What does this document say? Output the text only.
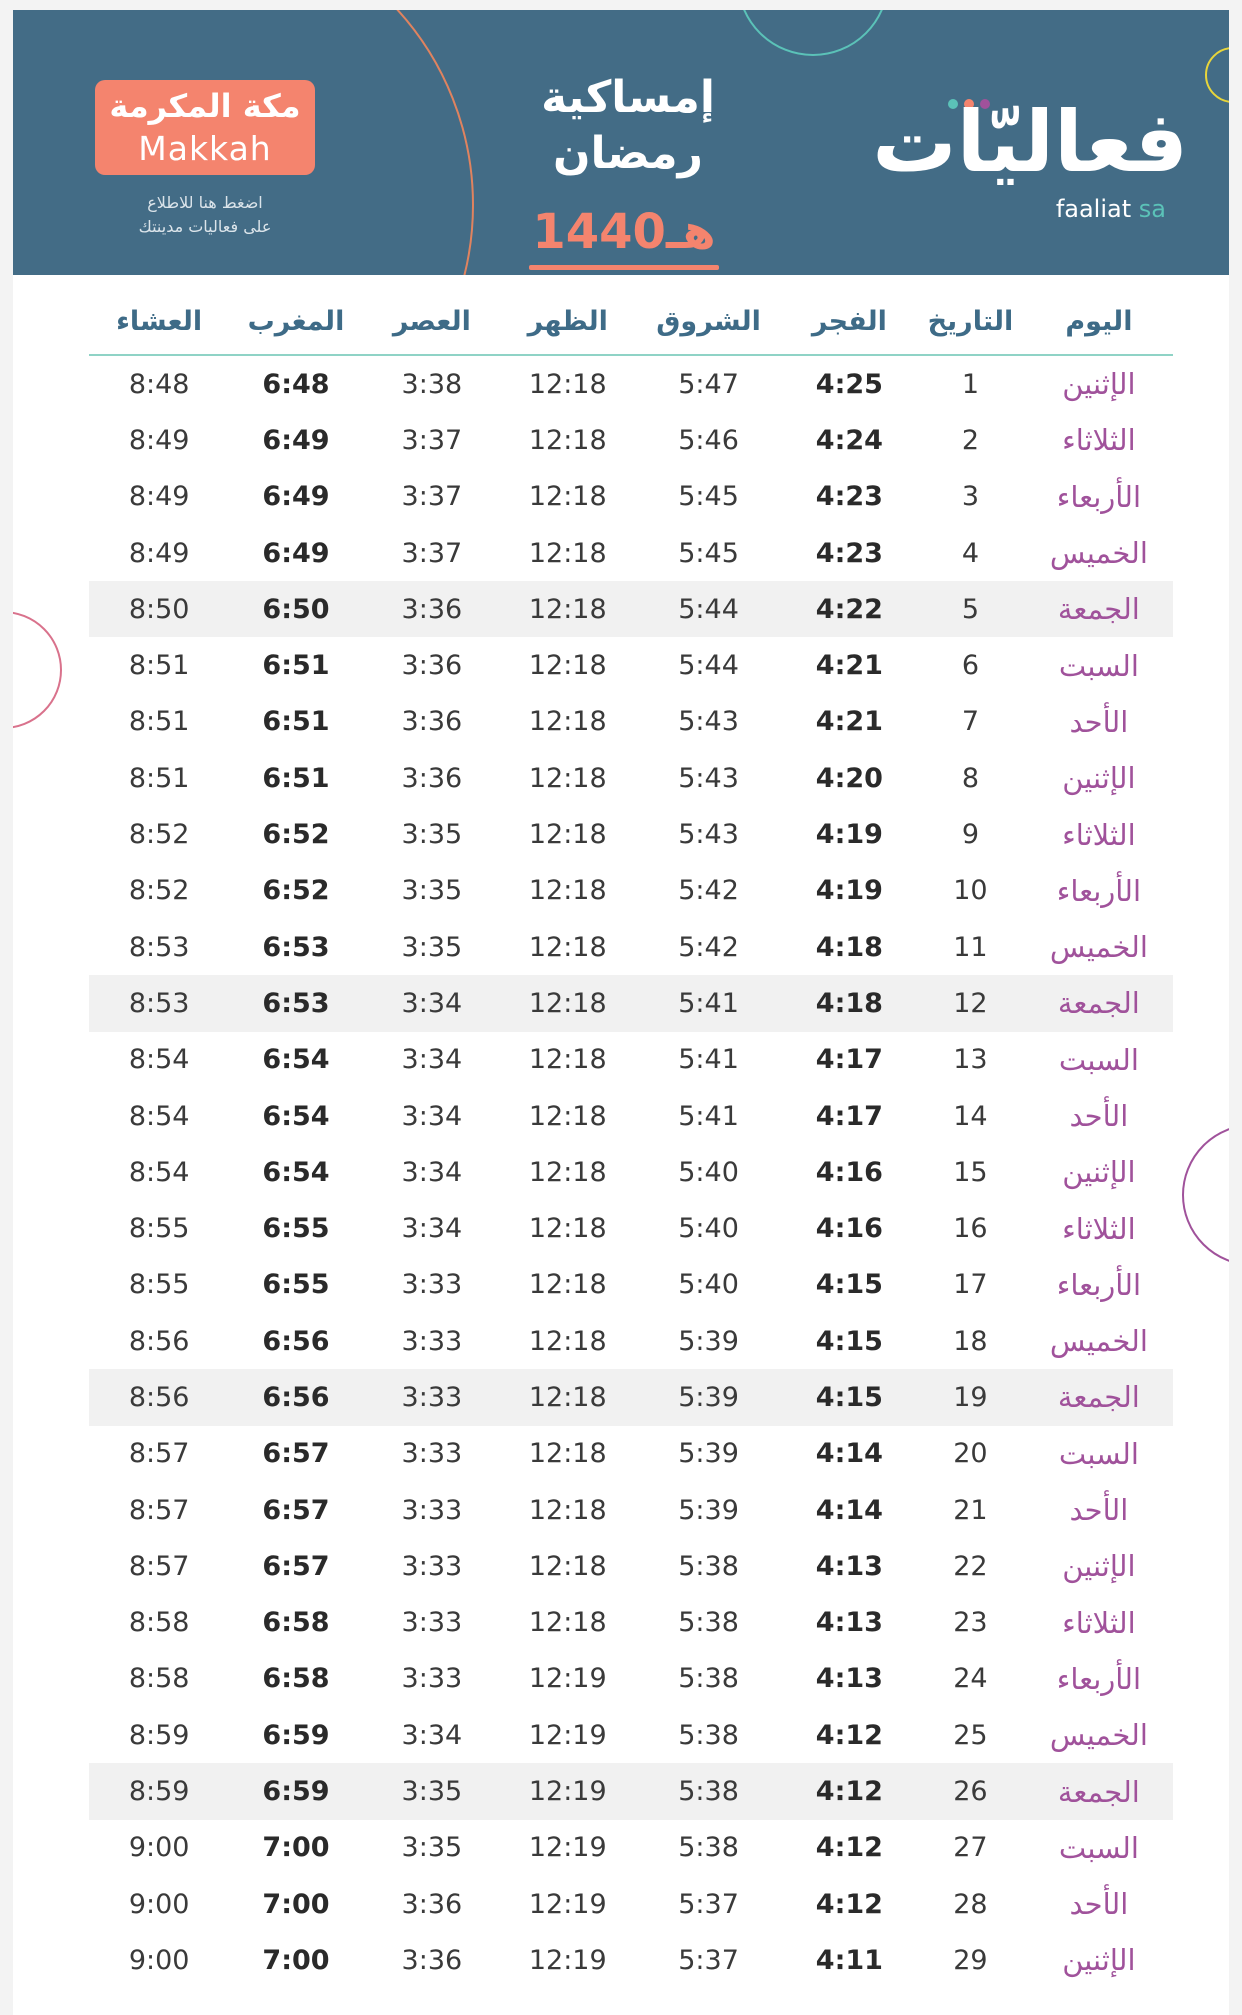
مكة المكرمة
Makkah
اضغط هنا للاطلاع
على فعاليات مدينتك
إمساكية
رمضان
1440هـ
فعاليّات
faaliat sa
اليوم
التاريخ
الفجر
الشروق
الظهر
العصر
المغرب
العشاء
الإثنين
1
4:25
5:47
12:18
3:38
6:48
8:48
الثلاثاء
2
4:24
5:46
12:18
3:37
6:49
8:49
الأربعاء
3
4:23
5:45
12:18
3:37
6:49
8:49
الخميس
4
4:23
5:45
12:18
3:37
6:49
8:49
الجمعة
5
4:22
5:44
12:18
3:36
6:50
8:50
السبت
6
4:21
5:44
12:18
3:36
6:51
8:51
الأحد
7
4:21
5:43
12:18
3:36
6:51
8:51
الإثنين
8
4:20
5:43
12:18
3:36
6:51
8:51
الثلاثاء
9
4:19
5:43
12:18
3:35
6:52
8:52
الأربعاء
10
4:19
5:42
12:18
3:35
6:52
8:52
الخميس
11
4:18
5:42
12:18
3:35
6:53
8:53
الجمعة
12
4:18
5:41
12:18
3:34
6:53
8:53
السبت
13
4:17
5:41
12:18
3:34
6:54
8:54
الأحد
14
4:17
5:41
12:18
3:34
6:54
8:54
الإثنين
15
4:16
5:40
12:18
3:34
6:54
8:54
الثلاثاء
16
4:16
5:40
12:18
3:34
6:55
8:55
الأربعاء
17
4:15
5:40
12:18
3:33
6:55
8:55
الخميس
18
4:15
5:39
12:18
3:33
6:56
8:56
الجمعة
19
4:15
5:39
12:18
3:33
6:56
8:56
السبت
20
4:14
5:39
12:18
3:33
6:57
8:57
الأحد
21
4:14
5:39
12:18
3:33
6:57
8:57
الإثنين
22
4:13
5:38
12:18
3:33
6:57
8:57
الثلاثاء
23
4:13
5:38
12:18
3:33
6:58
8:58
الأربعاء
24
4:13
5:38
12:19
3:33
6:58
8:58
الخميس
25
4:12
5:38
12:19
3:34
6:59
8:59
الجمعة
26
4:12
5:38
12:19
3:35
6:59
8:59
السبت
27
4:12
5:38
12:19
3:35
7:00
9:00
الأحد
28
4:12
5:37
12:19
3:36
7:00
9:00
الإثنين
29
4:11
5:37
12:19
3:36
7:00
9:00
